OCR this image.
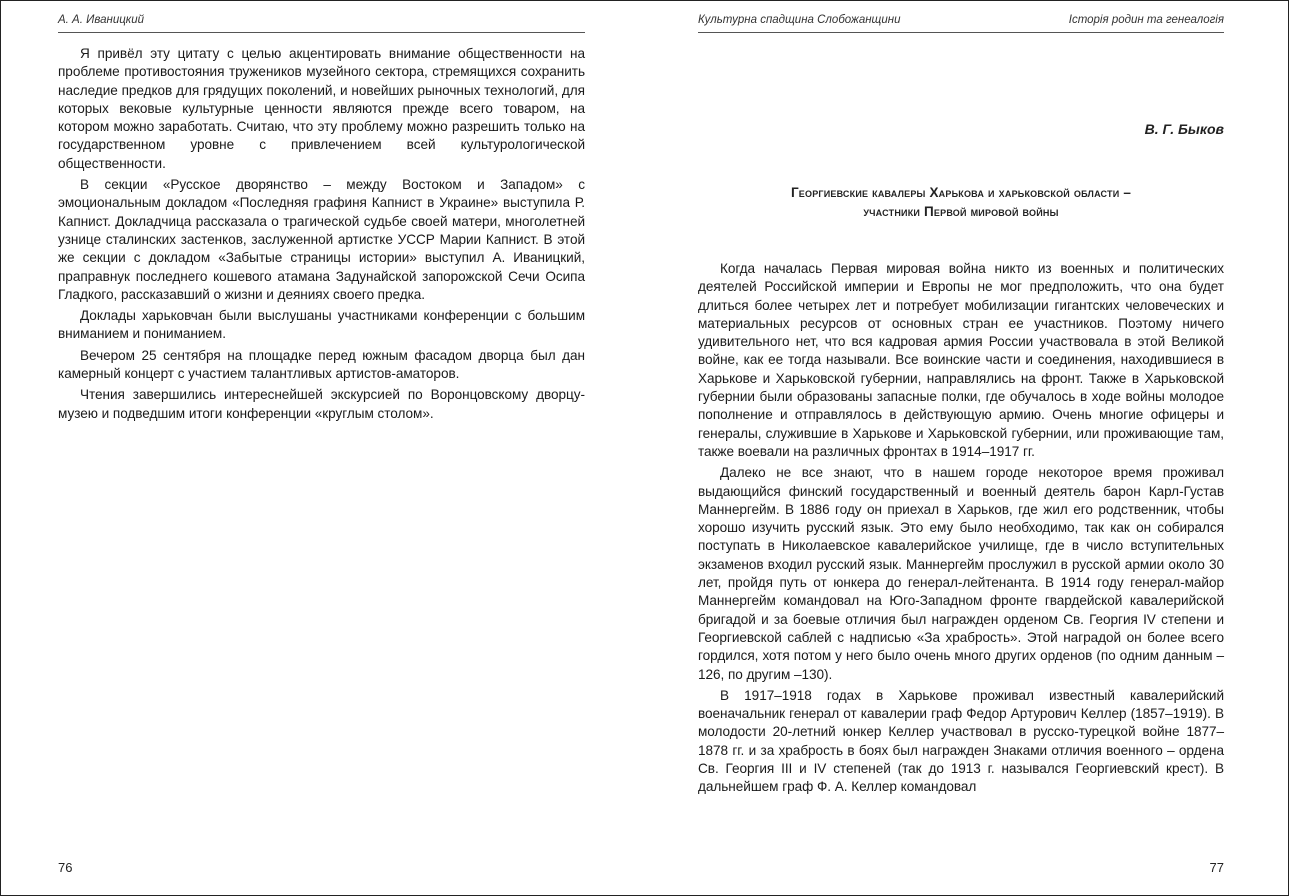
А. А. Иваницкий

Я привёл эту цитату с целью акцентировать внимание общественности на проблеме противостояния тружеников музейного сектора, стремящихся сохранить наследие предков для грядущих поколений, и новейших рыночных технологий, для которых вековые культурные ценности являются прежде всего товаром, на котором можно заработать. Считаю, что эту проблему можно разрешить только на государственном уровне с привлечением всей культурологической общественности.

В секции «Русское дворянство – между Востоком и Западом» с эмоциональным докладом «Последняя графиня Капнист в Украине» выступила Р. Капнист. Докладчица рассказала о трагической судьбе своей матери, многолетней узнице сталинских застенков, заслуженной артистке УССР Марии Капнист. В этой же секции с докладом «Забытые страницы истории» выступил А. Иваницкий, праправнук последнего кошевого атамана Задунайской запорожской Сечи Осипа Гладкого, рассказавший о жизни и деяниях своего предка.

Доклады харьковчан были выслушаны участниками конференции с большим вниманием и пониманием.

Вечером 25 сентября на площадке перед южным фасадом дворца был дан камерный концерт с участием талантливых артистов-аматоров.

Чтения завершились интереснейшей экскурсией по Воронцовскому дворцу-музею и подведшим итоги конференции «круглым столом».

76
Культурна спадщина Слобожанщини	Історія родин та генеалогія
В. Г. Быков
Георгиевские кавалеры Харькова и харьковской области –
участники Первой мировой войны

Когда началась Первая мировая война никто из военных и политических деятелей Российской империи и Европы не мог предположить, что она будет длиться более четырех лет и потребует мобилизации гигантских человеческих и материальных ресурсов от основных стран ее участников. Поэтому ничего удивительного нет, что вся кадровая армия России участвовала в этой Великой войне, как ее тогда называли. Все воинские части и соединения, находившиеся в Харькове и Харьковской губернии, направлялись на фронт. Также в Харьковской губернии были образованы запасные полки, где обучалось в ходе войны молодое пополнение и отправлялось в действующую армию. Очень многие офицеры и генералы, служившие в Харькове и Харьковской губернии, или проживающие там, также воевали на различных фронтах в 1914–1917 гг.

Далеко не все знают, что в нашем городе некоторое время проживал выдающийся финский государственный и военный деятель барон Карл-Густав Маннергейм. В 1886 году он приехал в Харьков, где жил его родственник, чтобы хорошо изучить русский язык. Это ему было необходимо, так как он собирался поступать в Николаевское кавалерийское училище, где в число вступительных экзаменов входил русский язык. Маннергейм прослужил в русской армии около 30 лет, пройдя путь от юнкера до генерал-лейтенанта. В 1914 году генерал-майор Маннергейм командовал на Юго-Западном фронте гвардейской кавалерийской бригадой и за боевые отличия был награжден орденом Св. Георгия IV степени и Георгиевской саблей с надписью «За храбрость». Этой наградой он более всего гордился, хотя потом у него было очень много других орденов (по одним данным – 126, по другим –130).

В 1917–1918 годах в Харькове проживал известный кавалерийский военачальник генерал от кавалерии граф Федор Артурович Келлер (1857–1919). В молодости 20-летний юнкер Келлер участвовал в русско-турецкой войне 1877–1878 гг. и за храбрость в боях был награжден Знаками отличия военного – ордена Св. Георгия III и IV степеней (так до 1913 г. назывался Георгиевский крест). В дальнейшем граф Ф. А. Келлер командовал

77
